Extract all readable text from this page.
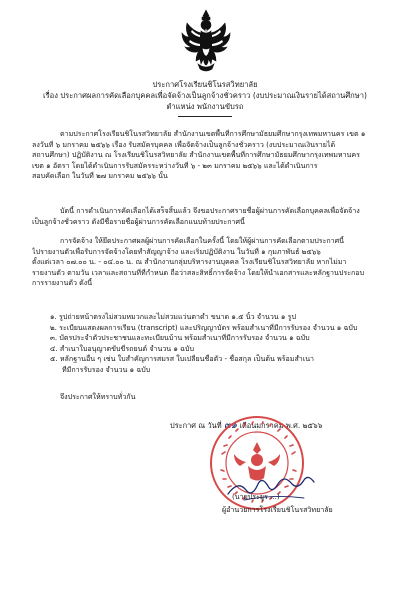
ประกาศโรงเรียนชิโนรสวิทยาลัย
เรื่อง ประกาศผลการคัดเลือกบุคคลเพื่อจัดจ้างเป็นลูกจ้างชั่วคราว (งบประมาณเงินรายได้สถานศึกษา)
ตำแหน่ง พนักงานขับรถ
ตามประกาศโรงเรียนชิโนรสวิทยาลัย สำนักงานเขตพื้นที่การศึกษามัธยมศึกษากรุงเทพมหานคร เขต ๑
ลงวันที่ ๖ มกราคม ๒๕๖๖ เรื่อง รับสมัครบุคคล เพื่อจัดจ้างเป็นลูกจ้างชั่วคราว (งบประมาณเงินรายได้
สถานศึกษา) ปฏิบัติงาน ณ โรงเรียนชิโนรสวิทยาลัย สำนักงานเขตพื้นที่การศึกษามัธยมศึกษากรุงเทพมหานคร
เขต ๑ อัตรา โดยได้ดำเนินการรับสมัครระหว่างวันที่ ๖ - ๒๓ มกราคม ๒๕๖๖ และได้ดำเนินการ
สอบคัดเลือก ในวันที่ ๒๗ มกราคม ๒๕๖๖ นั้น
บัดนี้ การดำเนินการคัดเลือกได้เสร็จสิ้นแล้ว จึงขอประกาศรายชื่อผู้ผ่านการคัดเลือกบุคคลเพื่อจัดจ้าง
เป็นลูกจ้างชั่วคราว ดังมีชื่อรายชื่อผู้ผ่านการคัดเลือกแนบท้ายประกาศนี้
การจัดจ้าง ให้ยึดประกาศผลผู้ผ่านการคัดเลือกในครั้งนี้ โดยให้ผู้ผ่านการคัดเลือกตามประกาศนี้
ไปรายงานตัวเพื่อรับการจัดจ้างโดยทำสัญญาจ้าง และเริ่มปฏิบัติงาน ในวันที่ ๑ กุมภาพันธ์ ๒๕๖๖
ตั้งแต่เวลา ๐๗.๐๐ น. - ๐๔.๐๐ น. ณ สำนักงานกลุ่มบริหารงานบุคคล โรงเรียนชิโนรสวิทยาลัย หากไม่มา
รายงานตัว ตามวัน เวลาและสถานที่ที่กำหนด ถือว่าสละสิทธิ์การจัดจ้าง โดยให้นำเอกสารและหลักฐานประกอบ
การรายงานตัว ดังนี้
๑. รูปถ่ายหน้าตรงไม่สวมหมวกและไม่สวมแว่นตาดำ ขนาด ๑.๕ นิ้ว จำนวน ๑ รูป
๒. ระเบียนแสดงผลการเรียน (transcript) และปริญญาบัตร พร้อมสำเนาที่มีการรับรอง จำนวน ๑ ฉบับ
๓. บัตรประจำตัวประชาชนและทะเบียนบ้าน พร้อมสำเนาที่มีการรับรอง จำนวน ๑ ฉบับ
๔. สำเนาใบอนุญาตขับขี่รถยนต์ จำนวน ๑ ฉบับ
๕. หลักฐานอื่น ๆ เช่น ใบสำคัญการสมรส ใบเปลี่ยนชื่อตัว - ชื่อสกุล เป็นต้น พร้อมสำเนา
ที่มีการรับรอง จำนวน ๑ ฉบับ
จึงประกาศให้ทราบทั่วกัน
ประกาศ ณ วันที่ ๓๑ เดือนมกราคม พ.ศ. ๒๕๖๖
(นายประยูร ...)
ผู้อำนวยการโรงเรียนชิโนรสวิทยาลัย
